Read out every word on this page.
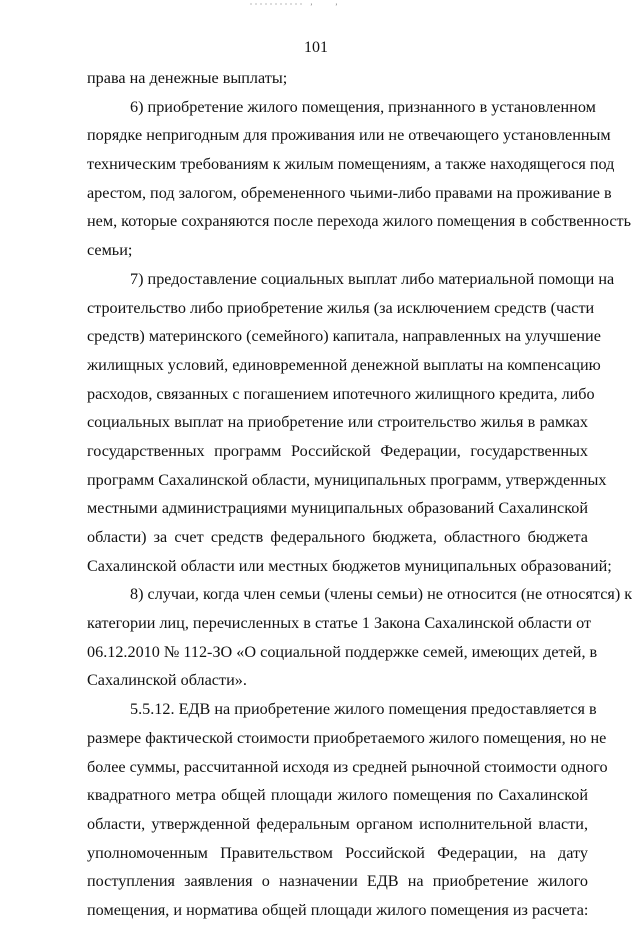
ʼ	ʼ
101
права на денежные выплаты;
6) приобретение жилого помещения, признанного в установленном
порядке непригодным для проживания или не отвечающего установленным
техническим требованиям к жилым помещениям, а также находящегося под
арестом, под залогом, обремененного чьими-либо правами на проживание в
нем, которые сохраняются после перехода жилого помещения в собственность
семьи;
7) предоставление социальных выплат либо материальной помощи на
строительство либо приобретение жилья (за исключением средств (части
средств) материнского (семейного) капитала, направленных на улучшение
жилищных условий, единовременной денежной выплаты на компенсацию
расходов, связанных с погашением ипотечного жилищного кредита, либо
социальных выплат на приобретение или строительство жилья в рамках
государственных программ Российской Федерации, государственных
программ Сахалинской области, муниципальных программ, утвержденных
местными администрациями муниципальных образований Сахалинской
области) за счет средств федерального бюджета, областного бюджета
Сахалинской области или местных бюджетов муниципальных образований;
8) случаи, когда член семьи (члены семьи) не относится (не относятся) к
категории лиц, перечисленных в статье 1 Закона Сахалинской области от
06.12.2010 № 112-ЗО «О социальной поддержке семей, имеющих детей, в
Сахалинской области».
5.5.12. ЕДВ на приобретение жилого помещения предоставляется в
размере фактической стоимости приобретаемого жилого помещения, но не
более суммы, рассчитанной исходя из средней рыночной стоимости одного
квадратного метра общей площади жилого помещения по Сахалинской
области, утвержденной федеральным органом исполнительной власти,
уполномоченным Правительством Российской Федерации, на дату
поступления заявления о назначении ЕДВ на приобретение жилого
помещения, и норматива общей площади жилого помещения из расчета:
